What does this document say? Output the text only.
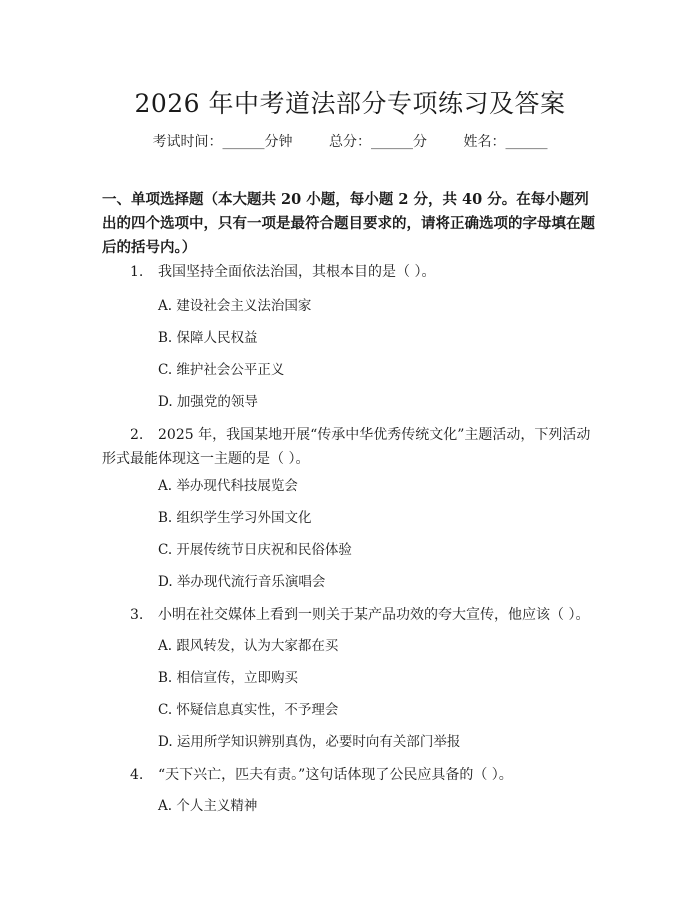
2026 年中考道法部分专项练习及答案
考试时间：______分钟	总分：______分	姓名：______
一、单项选择题（本大题共 20 小题，每小题 2 分，共 40 分。在每小题列出的四个选项中，只有一项是最符合题目要求的，请将正确选项的字母填在题后的括号内。）
1. 我国坚持全面依法治国，其根本目的是（ ）。
A. 建设社会主义法治国家
B. 保障人民权益
C. 维护社会公平正义
D. 加强党的领导
2. 2025 年，我国某地开展“传承中华优秀传统文化”主题活动，下列活动形式最能体现这一主题的是（ ）。
A. 举办现代科技展览会
B. 组织学生学习外国文化
C. 开展传统节日庆祝和民俗体验
D. 举办现代流行音乐演唱会
3. 小明在社交媒体上看到一则关于某产品功效的夸大宣传，他应该（ ）。
A. 跟风转发，认为大家都在买
B. 相信宣传，立即购买
C. 怀疑信息真实性，不予理会
D. 运用所学知识辨别真伪，必要时向有关部门举报
4. “天下兴亡，匹夫有责。”这句话体现了公民应具备的（ ）。
A. 个人主义精神
